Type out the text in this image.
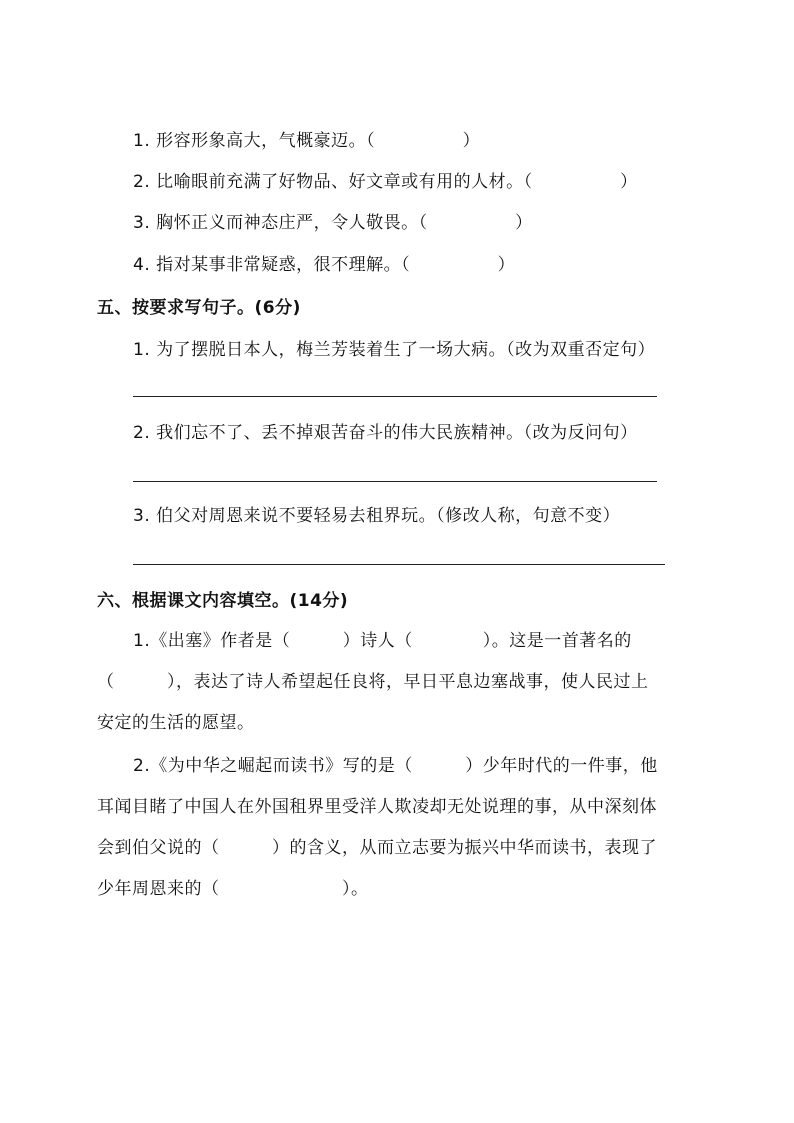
1. 形容形象高大，气概豪迈。（　　　　　）
2. 比喻眼前充满了好物品、好文章或有用的人材。（　　　　　）
3. 胸怀正义而神态庄严，令人敬畏。（　　　　　）
4. 指对某事非常疑惑，很不理解。（　　　　　）
五、按要求写句子。(6分)
1. 为了摆脱日本人，梅兰芳装着生了一场大病。（改为双重否定句）
2. 我们忘不了、丢不掉艰苦奋斗的伟大民族精神。（改为反问句）
3. 伯父对周恩来说不要轻易去租界玩。（修改人称，句意不变）
六、根据课文内容填空。(14分)
1.《出塞》作者是（　　　）诗人（　　　　）。这是一首著名的
（　　　），表达了诗人希望起任良将，早日平息边塞战事，使人民过上
安定的生活的愿望。
2.《为中华之崛起而读书》写的是（　　　）少年时代的一件事，他
耳闻目睹了中国人在外国租界里受洋人欺凌却无处说理的事，从中深刻体
会到伯父说的（　　　）的含义，从而立志要为振兴中华而读书，表现了
少年周恩来的（　　　　　　　）。
